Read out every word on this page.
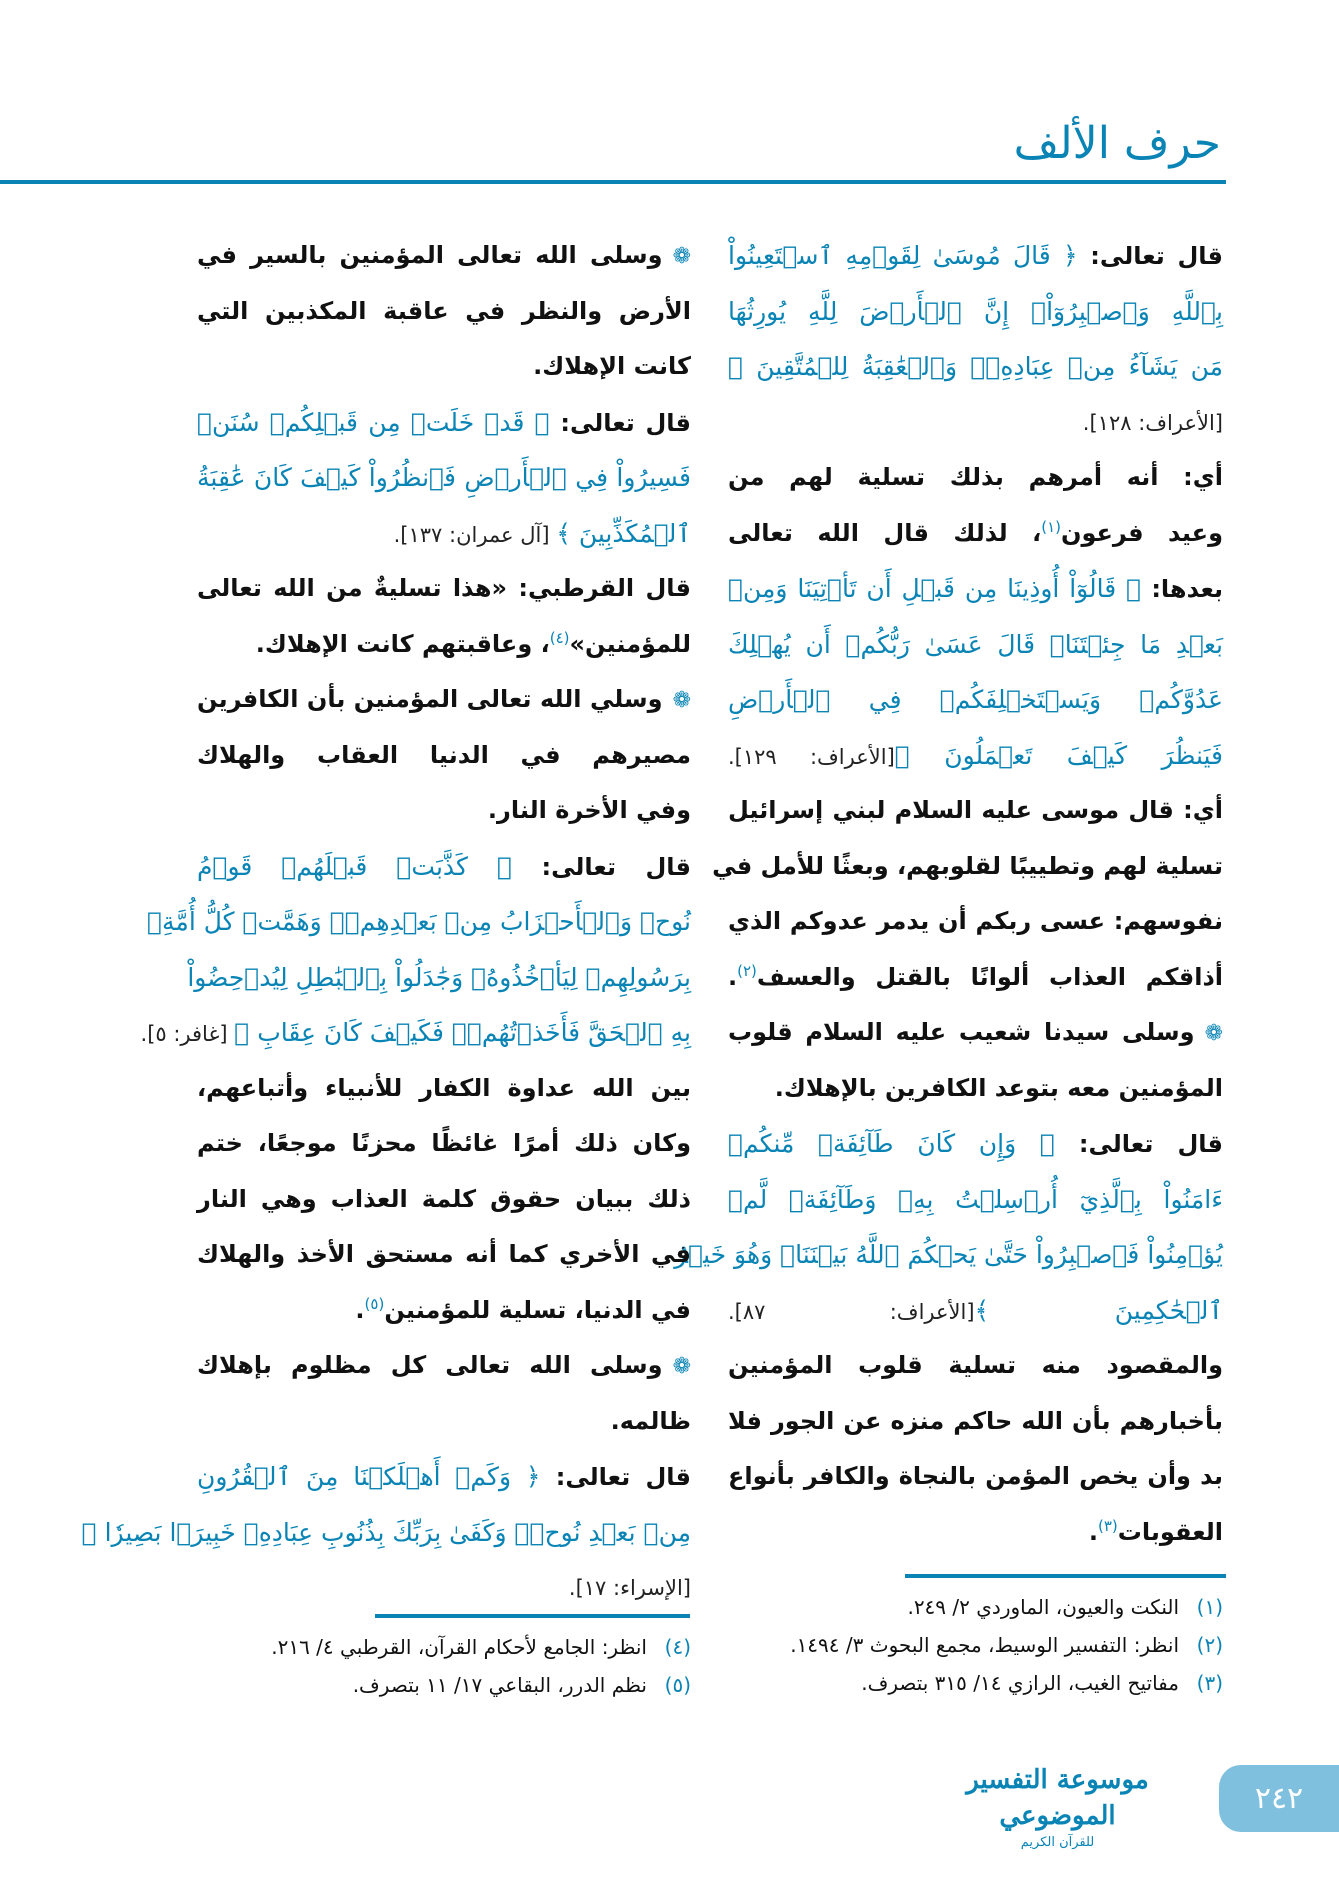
حرف الألف
قال تعالى: ﴿ قَالَ مُوسَىٰ لِقَوۡمِهِ ٱسۡتَعِينُواْ
بِٱللَّهِ وَٱصۡبِرُوٓاْۖ إِنَّ ٱلۡأَرۡضَ لِلَّهِ يُورِثُهَا
مَن يَشَآءُ مِنۡ عِبَادِهِۦۖ وَٱلۡعَٰقِبَةُ لِلۡمُتَّقِينَ ﴾
[الأعراف: ١٢٨].
أي: أنه أمرهم بذلك تسلية لهم من
وعيد فرعون$^{(١)}$، لذلك قال الله تعالى
بعدها: ﴿ قَالُوٓاْ أُوذِينَا مِن قَبۡلِ أَن تَأۡتِيَنَا وَمِنۢ
بَعۡدِ مَا جِئۡتَنَاۚ قَالَ عَسَىٰ رَبُّكُمۡ أَن يُهۡلِكَ
عَدُوَّكُمۡ وَيَسۡتَخۡلِفَكُمۡ فِي ٱلۡأَرۡضِ
فَيَنظُرَ كَيۡفَ تَعۡمَلُونَ ﴾[الأعراف: ١٢٩].
أي: قال موسى عليه السلام لبني إسرائيل
تسلية لهم وتطييبًا لقلوبهم، وبعثًا للأمل في
نفوسهم: عسى ربكم أن يدمر عدوكم الذي
أذاقكم العذاب ألوانًا بالقتل والعسف$^{(٢)}$.
❁وسلى سيدنا شعيب عليه السلام قلوب
المؤمنين معه بتوعد الكافرين بالإهلاك.
قال تعالى: ﴿ وَإِن كَانَ طَآئِفَةٞ مِّنكُمۡ
ءَامَنُواْ بِٱلَّذِيٓ أُرۡسِلۡتُ بِهِۦ وَطَآئِفَةٞ لَّمۡ
يُؤۡمِنُواْ فَٱصۡبِرُواْ حَتَّىٰ يَحۡكُمَ ٱللَّهُ بَيۡنَنَاۚ وَهُوَ خَيۡرُ
ٱلۡحَٰكِمِينَ ﴾[الأعراف: ٨٧].
والمقصود منه تسلية قلوب المؤمنين
بأخبارهم بأن الله حاكم منزه عن الجور فلا
بد وأن يخص المؤمن بالنجاة والكافر بأنواع
العقوبات$^{(٣)}$.
❁وسلى الله تعالى المؤمنين بالسير في
الأرض والنظر في عاقبة المكذبين التي
كانت الإهلاك.
قال تعالى: ﴿ قَدۡ خَلَتۡ مِن قَبۡلِكُمۡ سُنَنٞ
فَسِيرُواْ فِي ٱلۡأَرۡضِ فَٱنظُرُواْ كَيۡفَ كَانَ عَٰقِبَةُ
ٱلۡمُكَذِّبِينَ ﴾ [آل عمران: ١٣٧].
قال القرطبي: «هذا تسليةٌ من الله تعالى
للمؤمنين»$^{(٤)}$، وعاقبتهم كانت الإهلاك.
❁وسلي الله تعالى المؤمنين بأن الكافرين
مصيرهم في الدنيا العقاب والهلاك
وفي الأخرة النار.
قال تعالى: ﴿ كَذَّبَتۡ قَبۡلَهُمۡ قَوۡمُ
نُوحٖ وَٱلۡأَحۡزَابُ مِنۢ بَعۡدِهِمۡۖ وَهَمَّتۡ كُلُّ أُمَّةِۭ
بِرَسُولِهِمۡ لِيَأۡخُذُوهُۖ وَجَٰدَلُواْ بِٱلۡبَٰطِلِ لِيُدۡحِضُواْ
بِهِ ٱلۡحَقَّ فَأَخَذۡتُهُمۡۖ فَكَيۡفَ كَانَ عِقَابِ ﴾ [غافر: ٥].
بين الله عداوة الكفار للأنبياء وأتباعهم،
وكان ذلك أمرًا غائظًا محزنًا موجعًا، ختم
ذلك ببيان حقوق كلمة العذاب وهي النار
في الأخري كما أنه مستحق الأخذ والهلاك
في الدنيا، تسلية للمؤمنين$^{(٥)}$.
❁وسلى الله تعالى كل مظلوم بإهلاك
ظالمه.
قال تعالى: ﴿ وَكَمۡ أَهۡلَكۡنَا مِنَ ٱلۡقُرُونِ
مِنۢ بَعۡدِ نُوحٖۗ وَكَفَىٰ بِرَبِّكَ بِذُنُوبِ عِبَادِهِۦ خَبِيرَۢا بَصِيرٗا ﴾
[الإسراء: ١٧].
(١)
النكت والعيون، الماوردي ٢/ ٢٤٩.
(٢)
انظر: التفسير الوسيط، مجمع البحوث ٣/ ١٤٩٤.
(٣)
مفاتيح الغيب، الرازي ١٤/ ٣١٥ بتصرف.
(٤)
انظر: الجامع لأحكام القرآن، القرطبي ٤/ ٢١٦.
(٥)
نظم الدرر، البقاعي ١٧/ ١١ بتصرف.
موسوعة التفسير الموضوعي
للقرآن الكريم
٢٤٢
